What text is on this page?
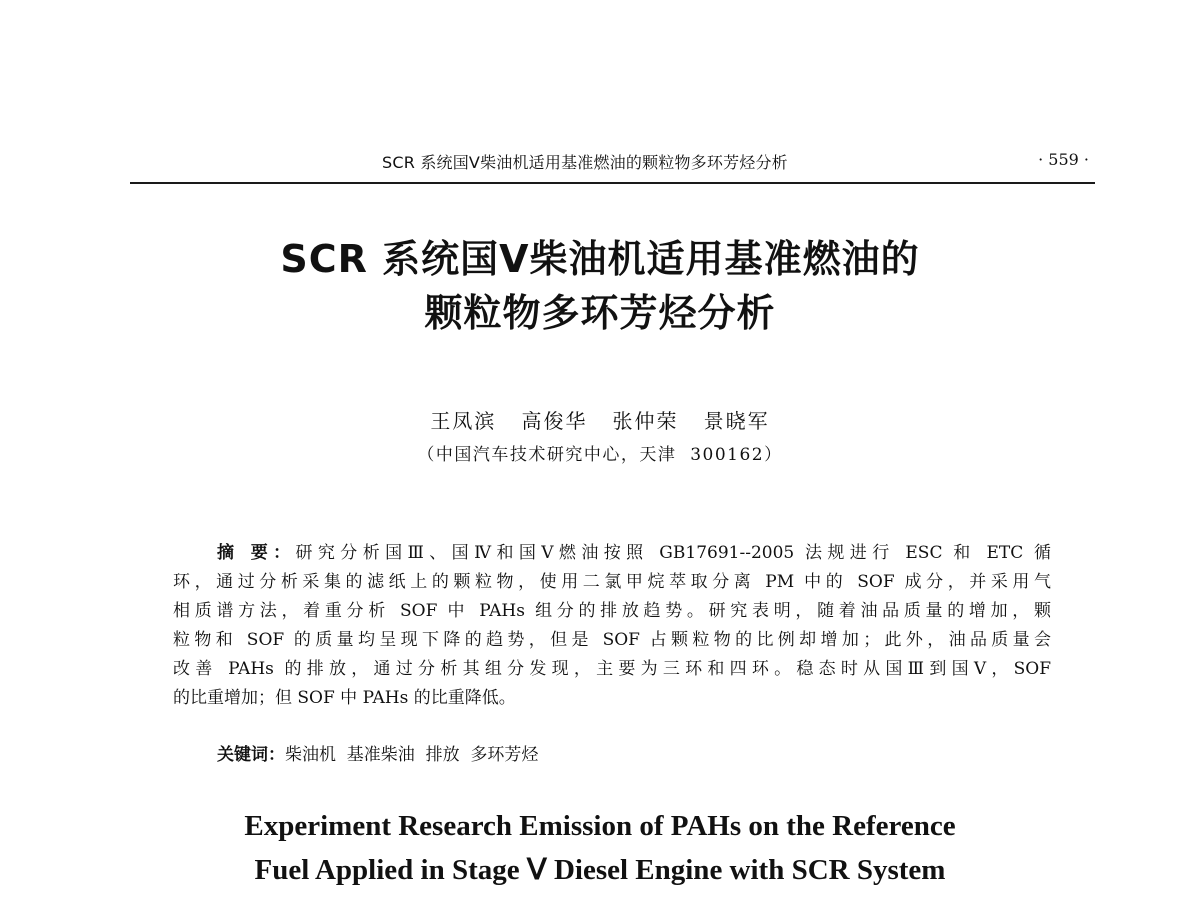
SCR 系统国Ⅴ柴油机适用基准燃油的颗粒物多环芳烃分析	· 559 ·
SCR 系统国Ⅴ柴油机适用基准燃油的
颗粒物多环芳烃分析
王凤滨   高俊华   张仲荣   景晓军
（中国汽车技术研究中心，天津  300162）
摘 要：研究分析国Ⅲ、国Ⅳ和国Ⅴ燃油按照 GB17691--2005 法规进行 ESC 和 ETC 循
环，通过分析采集的滤纸上的颗粒物，使用二氯甲烷萃取分离 PM 中的 SOF 成分，并采用气
相质谱方法，着重分析 SOF 中 PAHs 组分的排放趋势。研究表明，随着油品质量的增加，颗
粒物和 SOF 的质量均呈现下降的趋势，但是 SOF 占颗粒物的比例却增加；此外，油品质量会
改善 PAHs 的排放，通过分析其组分发现，主要为三环和四环。稳态时从国Ⅲ到国Ⅴ，SOF
的比重增加；但 SOF 中 PAHs 的比重降低。
关键词：柴油机  基准柴油  排放  多环芳烃
Experiment Research Emission of PAHs on the Reference
Fuel Applied in Stage Ⅴ Diesel Engine with SCR System
